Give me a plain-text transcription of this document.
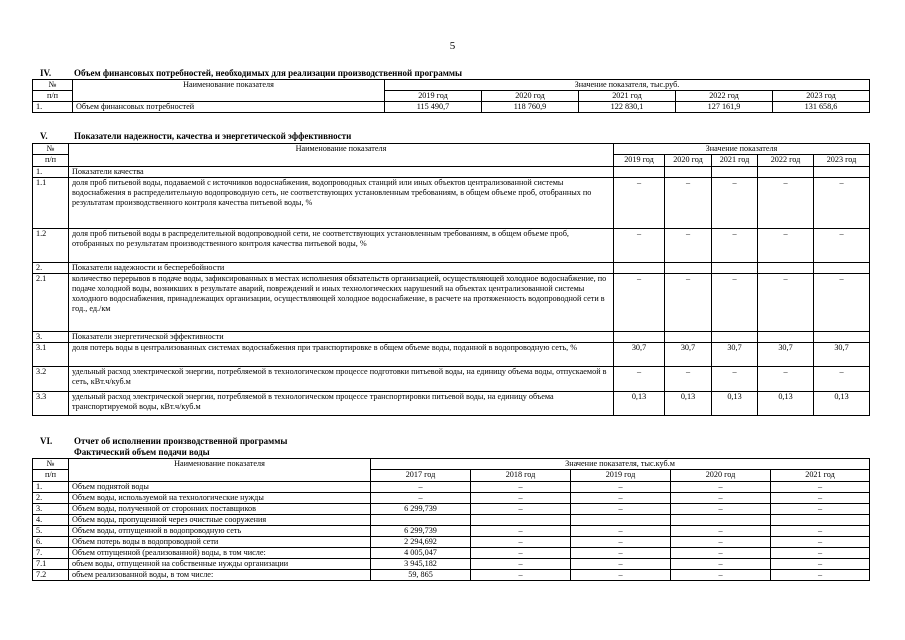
5
IV.	Объем финансовых потребностей, необходимых для реализации производственной программы
№	Наименование показателя	Значение показателя, тыс.руб.				
п/п		2019 год	2020 год	2021 год	2022 год	2023 год
1.	Объем финансовых потребностей	115 490,7	118 760,9	122 830,1	127 161,9	131 658,6
V.	Показатели надежности, качества и энергетической эффективности
№	Наименование показателя	Значение показателя				
п/п		2019 год	2020 год	2021 год	2022 год	2023 год
1.	Показатели качества					
1.1	доля проб питьевой воды, подаваемой с источников водоснабжения, водопроводных станций или иных объектов централизованной системы водоснабжения в распределительную водопроводную сеть, не соответствующих установленным требованиям, в общем объеме проб, отобранных по результатам производственного контроля качества питьевой воды, %	–	–	–	–	–
1.2	доля проб питьевой воды в распределительной водопроводной сети, не соответствующих установленным требованиям, в общем объеме проб, отобранных по результатам производственного контроля качества питьевой воды, %	–	–	–	–	–
2.	Показатели надежности и бесперебойности					
2.1	количество перерывов в подаче воды, зафиксированных в местах исполнения обязательств организацией, осуществляющей холодное водоснабжение, по подаче холодной воды, возникших в результате аварий, повреждений и иных технологических нарушений на объектах централизованной системы холодного водоснабжения, принадлежащих организации, осуществляющей холодное водоснабжение, в расчете на протяженность водопроводной сети в год., ед./км	–	–	–	–	–
3.	Показатели энергетической эффективности					
3.1	доля потерь воды в централизованных системах водоснабжения при транспортировке в общем объеме воды, поданной в водопроводную сеть, %	30,7	30,7	30,7	30,7	30,7
3.2	удельный расход электрической энергии, потребляемой в технологическом процессе подготовки питьевой воды, на единицу объема воды, отпускаемой в сеть, кВт.ч/куб.м	–	–	–	–	–
3.3	удельный расход электрической энергии, потребляемой в технологическом процессе транспортировки питьевой воды, на единицу объема транспортируемой воды, кВт.ч/куб.м	0,13	0,13	0,13	0,13	0,13
VI. Отчет об исполнении производственной программы
Фактический объем подачи воды
№	Наименование показателя	Значение показателя, тыс.куб.м				
п/п		2017 год	2018 год	2019 год	2020 год	2021 год
1.	Объем поднятой воды	–	–	–	–	–
2.	Объем воды, используемой на технологические нужды	–	–	–	–	–
3.	Объем воды, полученной от сторонних поставщиков	6 299,739	–	–	–	–
4.	Объем воды, пропущенной через очистные сооружения					
5.	Объем воды, отпущенной в водопроводную сеть	6 299,739	–	–	–	–
6.	Объем потерь воды в водопроводной сети	2 294,692	–	–	–	–
7.	Объем отпущенной (реализованной) воды, в том числе:	4 005,047	–	–	–	–
7.1	объем воды, отпущенной на собственные нужды организации	3 945,182	–	–	–	–
7.2	объем реализованной воды, в том числе:	59, 865	–	–	–	–
